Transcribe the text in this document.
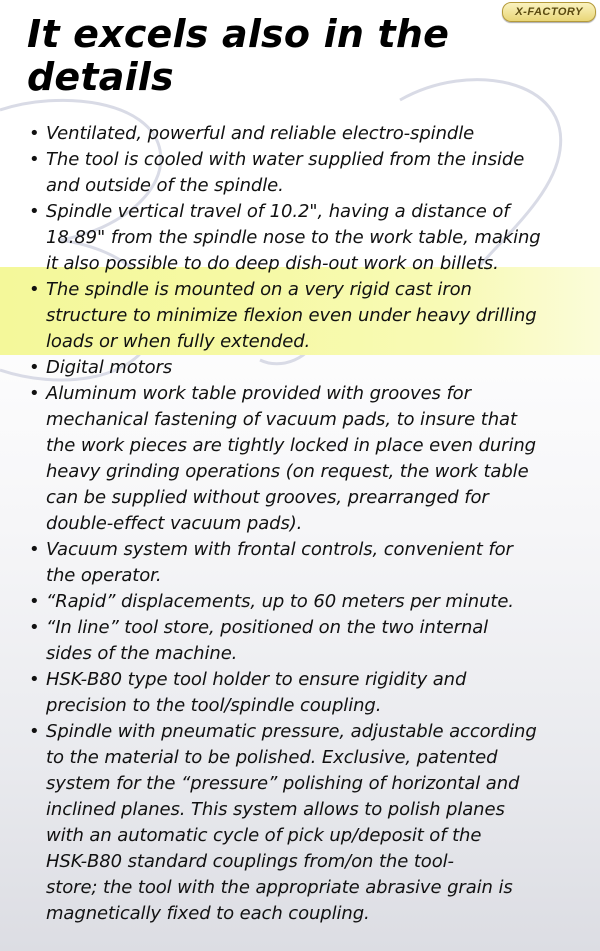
X-FACTORY
It excels also in the
details
• Ventilated, powerful and reliable electro-spindle
• The tool is cooled with water supplied from the inside
and outside of the spindle.
• Spindle vertical travel of 10.2", having a distance of
18.89" from the spindle nose to the work table, making
it also possible to do deep dish-out work on billets.
• The spindle is mounted on a very rigid cast iron
structure to minimize flexion even under heavy drilling
loads or when fully extended.
• Digital motors
• Aluminum work table provided with grooves for
mechanical fastening of vacuum pads, to insure that
the work pieces are tightly locked in place even during
heavy grinding operations (on request, the work table
can be supplied without grooves, prearranged for
double-effect vacuum pads).
• Vacuum system with frontal controls, convenient for
the operator.
• “Rapid” displacements, up to 60 meters per minute.
• “In line” tool store, positioned on the two internal
sides of the machine.
• HSK-B80 type tool holder to ensure rigidity and
precision to the tool/spindle coupling.
• Spindle with pneumatic pressure, adjustable according
to the material to be polished. Exclusive, patented
system for the “pressure” polishing of horizontal and
inclined planes. This system allows to polish planes
with an automatic cycle of pick up/deposit of the
HSK-B80 standard couplings from/on the tool-
store; the tool with the appropriate abrasive grain is
magnetically fixed to each coupling.
